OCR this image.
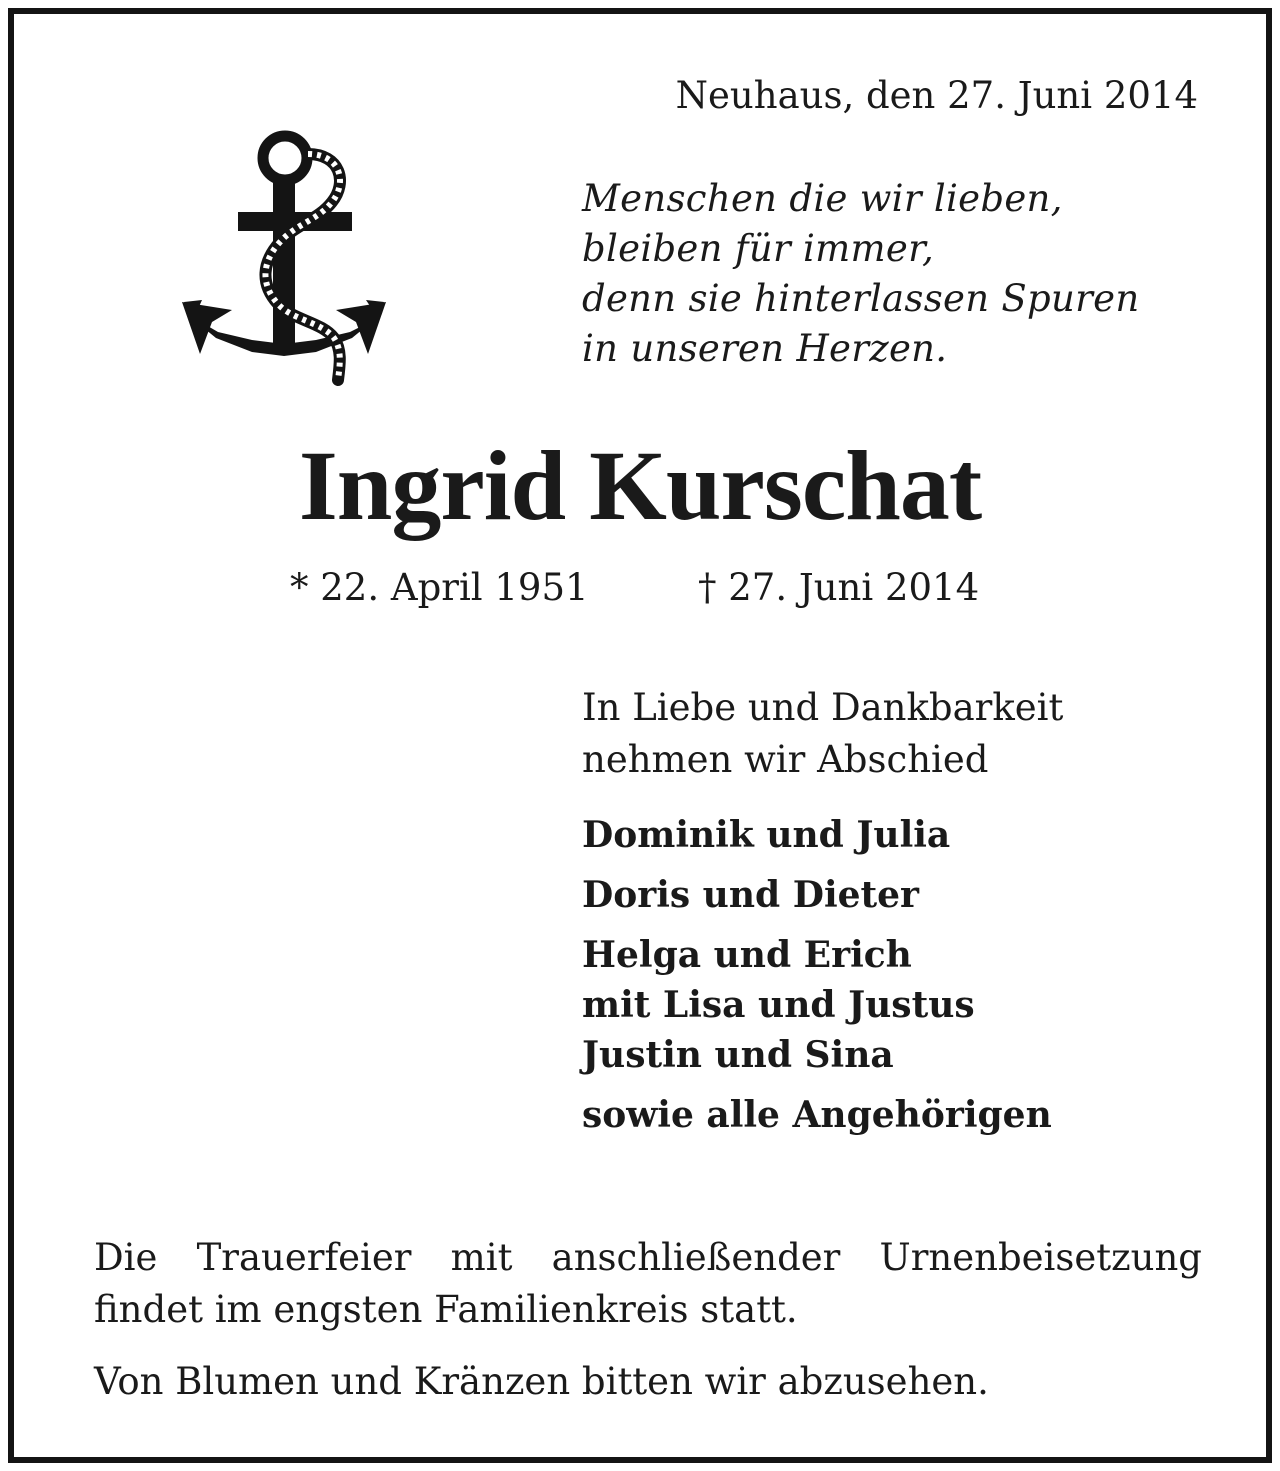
Neuhaus, den 27. Juni 2014
Menschen die wir lieben,
bleiben für immer,
denn sie hinterlassen Spuren
in unseren Herzen.
Ingrid Kurschat
* 22. April 1951	† 27. Juni 2014
In Liebe und Dankbarkeit
nehmen wir Abschied
Dominik und Julia
Doris und Dieter
Helga und Erich
mit Lisa und Justus
Justin und Sina
sowie alle Angehörigen
Die Trauerfeier mit anschließender Urnenbeisetzung findet im engsten Familienkreis statt.
Von Blumen und Kränzen bitten wir abzusehen.
